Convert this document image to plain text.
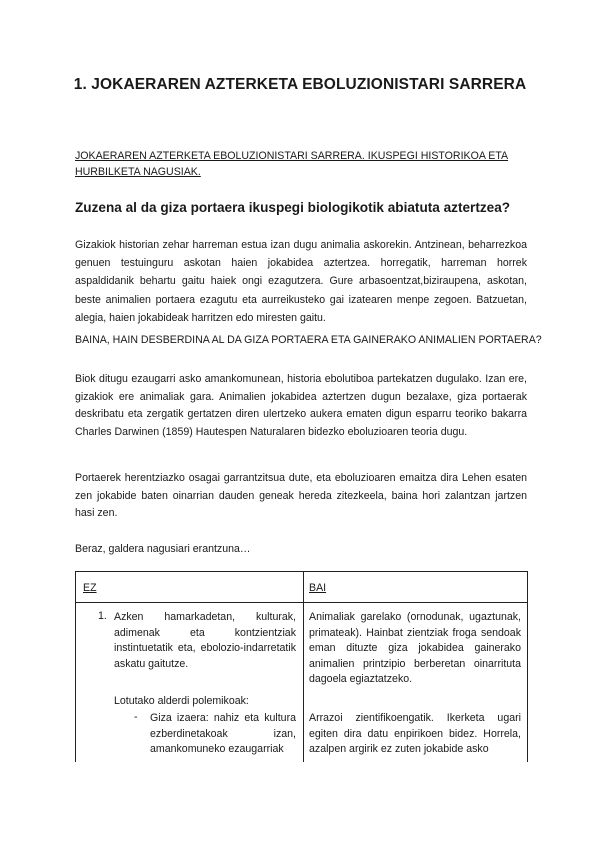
1. JOKAERAREN AZTERKETA EBOLUZIONISTARI SARRERA
JOKAERAREN AZTERKETA EBOLUZIONISTARI SARRERA. IKUSPEGI HISTORIKOA ETA HURBILKETA NAGUSIAK.
Zuzena al da giza portaera ikuspegi biologikotik abiatuta aztertzea?
Gizakiok historian zehar harreman estua izan dugu animalia askorekin. Antzinean, beharrezkoa genuen testuinguru askotan haien jokabidea aztertzea. horregatik, harreman horrek aspaldidanik behartu gaitu haiek ongi ezagutzera. Gure arbasoentzat,biziraupena, askotan, beste animalien portaera ezagutu eta aurreikusteko gai izatearen menpe zegoen. Batzuetan, alegia, haien jokabideak harritzen edo miresten gaitu.
BAINA, HAIN DESBERDINA AL DA GIZA PORTAERA ETA GAINERAKO ANIMALIEN PORTAERA?
Biok ditugu ezaugarri asko amankomunean, historia ebolutiboa partekatzen dugulako. Izan ere, gizakiok ere animaliak gara. Animalien jokabidea aztertzen dugun bezalaxe, giza portaerak deskribatu eta zergatik gertatzen diren ulertzeko aukera ematen digun esparru teoriko bakarra Charles Darwinen (1859) Hautespen Naturalaren bidezko eboluzioaren teoria dugu.
Portaerek herentziazko osagai garrantzitsua dute, eta eboluzioaren emaitza dira Lehen esaten zen jokabide baten oinarrian dauden geneak hereda zitezkeela, baina hori zalantzan jartzen hasi zen.
Beraz, galdera nagusiari erantzuna…
EZ	BAI
1. Azken hamarkadetan, kulturak, adimenak eta kontzientziak instintuetatik eta, ebolozio-indarretatik askatu gaitutze.
Lotutako alderdi polemikoak:
- Giza izaera: nahiz eta kultura ezberdinetakoak izan, amankomuneko ezaugarriak
Animaliak garelako (ornodunak, ugaztunak, primateak). Hainbat zientziak froga sendoak eman dituzte giza jokabidea gainerako animalien printzipio berberetan oinarrituta dagoela egiaztatzeko.
Arrazoi zientifikoengatik. Ikerketa ugari egiten dira datu enpirikoen bidez. Horrela, azalpen argirik ez zuten jokabide asko
